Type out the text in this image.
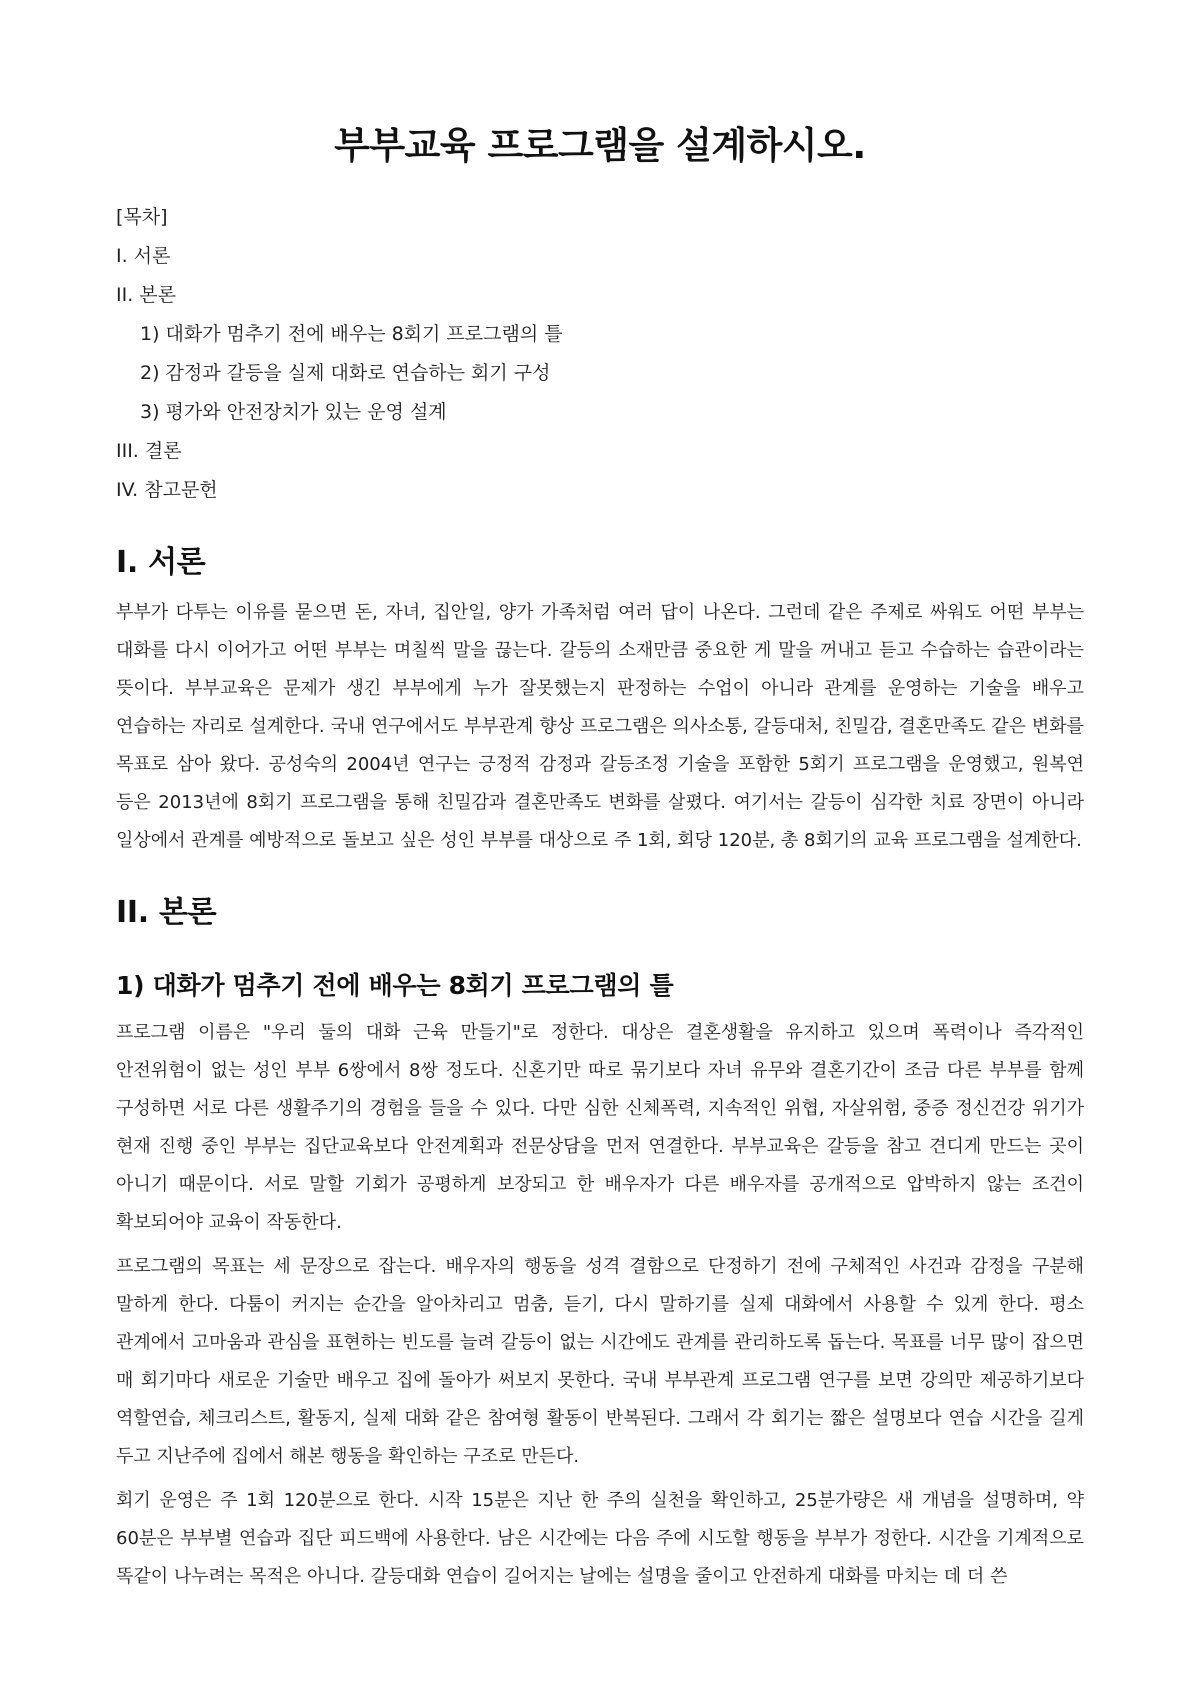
부부교육 프로그램을 설계하시오.
[목차]
I. 서론
II. 본론
1) 대화가 멈추기 전에 배우는 8회기 프로그램의 틀
2) 감정과 갈등을 실제 대화로 연습하는 회기 구성
3) 평가와 안전장치가 있는 운영 설계
III. 결론
IV. 참고문헌
I. 서론

부부가 다투는 이유를 묻으면 돈, 자녀, 집안일, 양가 가족처럼 여러 답이 나온다. 그런데 같은 주제로 싸워도 어떤 부부는 대화를 다시 이어가고 어떤 부부는 며칠씩 말을 끊는다. 갈등의 소재만큼 중요한 게 말을 꺼내고 듣고 수습하는 습관이라는 뜻이다. 부부교육은 문제가 생긴 부부에게 누가 잘못했는지 판정하는 수업이 아니라 관계를 운영하는 기술을 배우고 연습하는 자리로 설계한다. 국내 연구에서도 부부관계 향상 프로그램은 의사소통, 갈등대처, 친밀감, 결혼만족도 같은 변화를 목표로 삼아 왔다. 공성숙의 2004년 연구는 긍정적 감정과 갈등조정 기술을 포함한 5회기 프로그램을 운영했고, 원복연 등은 2013년에 8회기 프로그램을 통해 친밀감과 결혼만족도 변화를 살폈다. 여기서는 갈등이 심각한 치료 장면이 아니라 일상에서 관계를 예방적으로 돌보고 싶은 성인 부부를 대상으로 주 1회, 회당 120분, 총 8회기의 교육 프로그램을 설계한다.

II. 본론
1) 대화가 멈추기 전에 배우는 8회기 프로그램의 틀

프로그램 이름은 "우리 둘의 대화 근육 만들기"로 정한다. 대상은 결혼생활을 유지하고 있으며 폭력이나 즉각적인 안전위험이 없는 성인 부부 6쌍에서 8쌍 정도다. 신혼기만 따로 묶기보다 자녀 유무와 결혼기간이 조금 다른 부부를 함께 구성하면 서로 다른 생활주기의 경험을 들을 수 있다. 다만 심한 신체폭력, 지속적인 위협, 자살위험, 중증 정신건강 위기가 현재 진행 중인 부부는 집단교육보다 안전계획과 전문상담을 먼저 연결한다. 부부교육은 갈등을 참고 견디게 만드는 곳이 아니기 때문이다. 서로 말할 기회가 공평하게 보장되고 한 배우자가 다른 배우자를 공개적으로 압박하지 않는 조건이 확보되어야 교육이 작동한다.

프로그램의 목표는 세 문장으로 잡는다. 배우자의 행동을 성격 결함으로 단정하기 전에 구체적인 사건과 감정을 구분해 말하게 한다. 다툼이 커지는 순간을 알아차리고 멈춤, 듣기, 다시 말하기를 실제 대화에서 사용할 수 있게 한다. 평소 관계에서 고마움과 관심을 표현하는 빈도를 늘려 갈등이 없는 시간에도 관계를 관리하도록 돕는다. 목표를 너무 많이 잡으면 매 회기마다 새로운 기술만 배우고 집에 돌아가 써보지 못한다. 국내 부부관계 프로그램 연구를 보면 강의만 제공하기보다 역할연습, 체크리스트, 활동지, 실제 대화 같은 참여형 활동이 반복된다. 그래서 각 회기는 짧은 설명보다 연습 시간을 길게 두고 지난주에 집에서 해본 행동을 확인하는 구조로 만든다.

회기 운영은 주 1회 120분으로 한다. 시작 15분은 지난 한 주의 실천을 확인하고, 25분가량은 새 개념을 설명하며, 약 60분은 부부별 연습과 집단 피드백에 사용한다. 남은 시간에는 다음 주에 시도할 행동을 부부가 정한다. 시간을 기계적으로 똑같이 나누려는 목적은 아니다. 갈등대화 연습이 길어지는 날에는 설명을 줄이고 안전하게 대화를 마치는 데 더 쓴
